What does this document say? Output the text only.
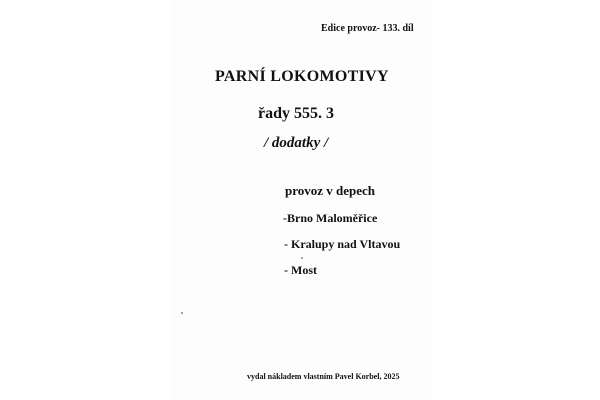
Edice provoz- 133. díl
PARNÍ LOKOMOTIVY
řady 555. 3
/ dodatky /
provoz v depech
-Brno Maloměřice
- Kralupy nad Vltavou
- Most
vydal nákladem vlastním Pavel Korbel, 2025
